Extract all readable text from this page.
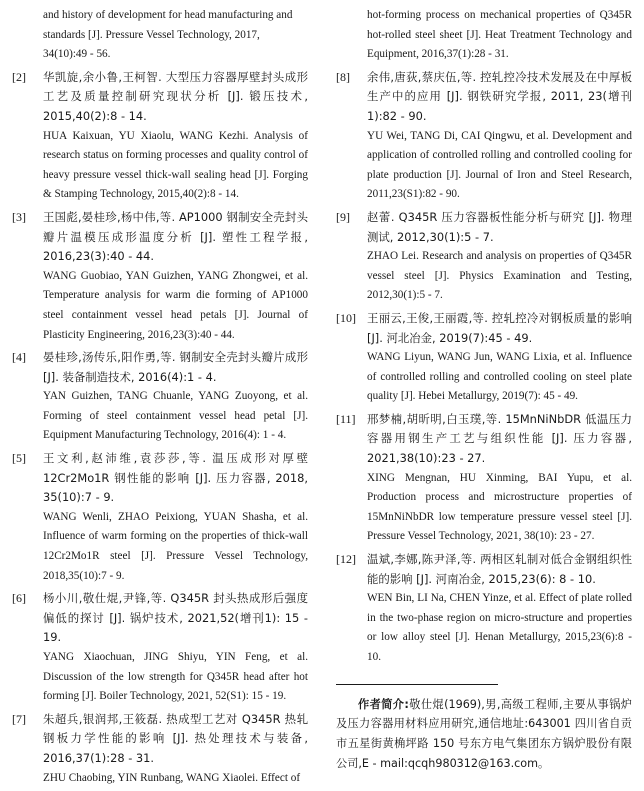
and history of development for head manufacturing and
standards [J]. Pressure Vessel Technology, 2017,
34(10):49 - 56.
[2] 华凯旋,余小鲁,王柯智. 大型压力容器厚壁封头成形工艺及质量控制研究现状分析 [J]. 锻压技术, 2015,40(2):8 - 14.
HUA Kaixuan, YU Xiaolu, WANG Kezhi. Analysis of research status on forming processes and quality control of heavy pressure vessel thick-wall sealing head [J]. Forging & Stamping Technology, 2015,40(2):8 - 14.
[3] 王国彪,晏桂珍,杨中伟,等. AP1000 钢制安全壳封头瓣片温模压成形温度分析 [J]. 塑性工程学报, 2016,23(3):40 - 44.
WANG Guobiao, YAN Guizhen, YANG Zhongwei, et al. Temperature analysis for warm die forming of AP1000 steel containment vessel head petals [J]. Journal of Plasticity Engineering, 2016,23(3):40 - 44.
[4] 晏桂珍,汤传乐,阳作勇,等. 钢制安全壳封头瓣片成形 [J]. 装备制造技术, 2016(4):1 - 4.
YAN Guizhen, TANG Chuanle, YANG Zuoyong, et al. Forming of steel containment vessel head petal [J]. Equipment Manufacturing Technology, 2016(4): 1 - 4.
[5] 王文利,赵沛维,袁莎莎,等. 温压成形对厚壁 12Cr2Mo1R 钢性能的影响 [J]. 压力容器, 2018, 35(10):7 - 9.
WANG Wenli, ZHAO Peixiong, YUAN Shasha, et al. Influence of warm forming on the properties of thick-wall 12Cr2Mo1R steel [J]. Pressure Vessel Technology, 2018,35(10):7 - 9.
[6] 杨小川,敬仕焜,尹锋,等. Q345R 封头热成形后强度偏低的探讨 [J]. 锅炉技术, 2021,52(增刊1): 15 - 19.
YANG Xiaochuan, JING Shiyu, YIN Feng, et al. Discussion of the low strength for Q345R head after hot forming [J]. Boiler Technology, 2021, 52(S1): 15 - 19.
[7] 朱超兵,银润邦,王筱磊. 热成型工艺对 Q345R 热轧钢板力学性能的影响 [J]. 热处理技术与装备, 2016,37(1):28 - 31.
ZHU Chaobing, YIN Runbang, WANG Xiaolei. Effect of
hot-forming process on mechanical properties of Q345R hot-rolled steel sheet [J]. Heat Treatment Technology and Equipment, 2016,37(1):28 - 31.
[8] 余伟,唐荻,蔡庆伍,等. 控轧控冷技术发展及在中厚板生产中的应用 [J]. 钢铁研究学报, 2011, 23(增刊1):82 - 90.
YU Wei, TANG Di, CAI Qingwu, et al. Development and application of controlled rolling and controlled cooling for plate production [J]. Journal of Iron and Steel Research, 2011,23(S1):82 - 90.
[9] 赵蕾. Q345R 压力容器板性能分析与研究 [J]. 物理测试, 2012,30(1):5 - 7.
ZHAO Lei. Research and analysis on properties of Q345R vessel steel [J]. Physics Examination and Testing, 2012,30(1):5 - 7.
[10] 王丽云,王俊,王丽霞,等. 控轧控冷对钢板质量的影响 [J]. 河北冶金, 2019(7):45 - 49.
WANG Liyun, WANG Jun, WANG Lixia, et al. Influence of controlled rolling and controlled cooling on steel plate quality [J]. Hebei Metallurgy, 2019(7): 45 - 49.
[11] 邢梦楠,胡昕明,白玉璞,等. 15MnNiNbDR 低温压力容器用钢生产工艺与组织性能 [J]. 压力容器, 2021,38(10):23 - 27.
XING Mengnan, HU Xinming, BAI Yupu, et al. Production process and microstructure properties of 15MnNiNbDR low temperature pressure vessel steel [J]. Pressure Vessel Technology, 2021, 38(10): 23 - 27.
[12] 温斌,李娜,陈尹泽,等. 两相区轧制对低合金钢组织性能的影响 [J]. 河南冶金, 2015,23(6): 8 - 10.
WEN Bin, LI Na, CHEN Yinze, et al. Effect of plate rolled in the two-phase region on micro-structure and properties or low alloy steel [J]. Henan Metallurgy, 2015,23(6):8 - 10.
作者简介:敬仕焜(1969),男,高级工程师,主要从事锅炉及压力容器用材料应用研究,通信地址:643001 四川省自贡市五星街黄桷坪路 150 号东方电气集团东方锅炉股份有限公司,E - mail:qcqh980312@163.com。
